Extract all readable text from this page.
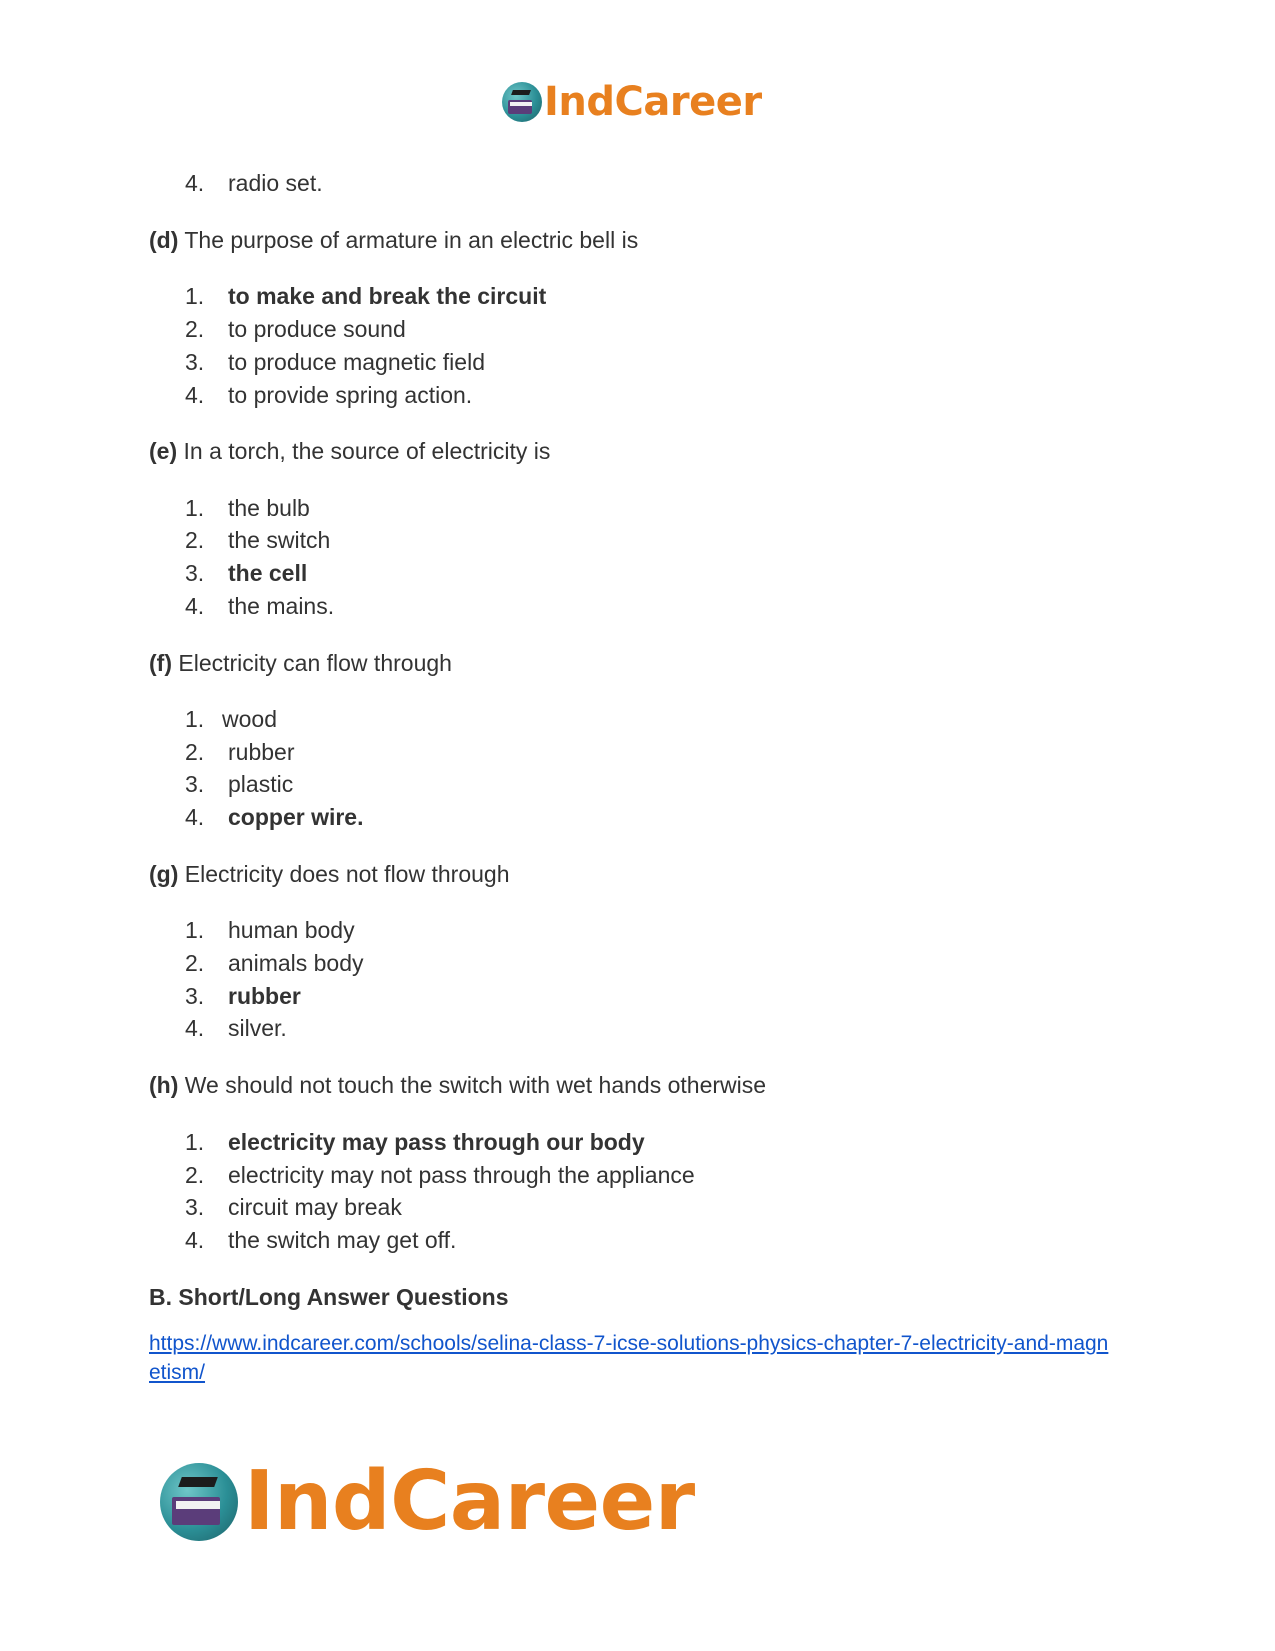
IndCareer
4. radio set.
(d) The purpose of armature in an electric bell is
1. to make and break the circuit
2. to produce sound
3. to produce magnetic field
4. to provide spring action.
(e) In a torch, the source of electricity is
1. the bulb
2. the switch
3. the cell
4. the mains.
(f) Electricity can flow through
1. wood
2. rubber
3. plastic
4. copper wire.
(g) Electricity does not flow through
1. human body
2. animals body
3. rubber
4. silver.
(h) We should not touch the switch with wet hands otherwise
1. electricity may pass through our body
2. electricity may not pass through the appliance
3. circuit may break
4. the switch may get off.
B. Short/Long Answer Questions
https://www.indcareer.com/schools/selina-class-7-icse-solutions-physics-chapter-7-electricity-and-magnetism/
IndCareer
